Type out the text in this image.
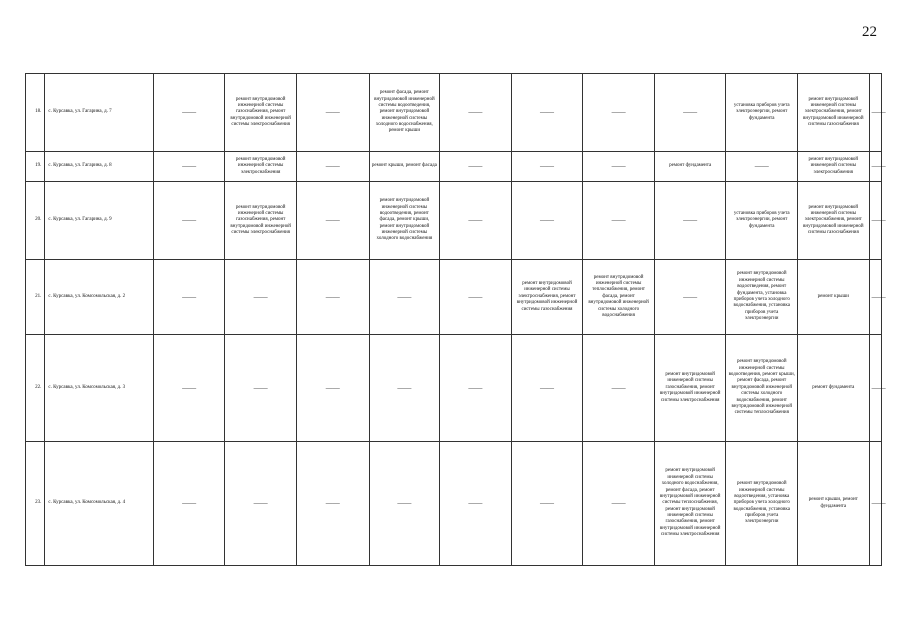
22
18.	с. Курсавка, ул. Гагарина, д. 7	——	ремонт внутридомовой инженерной системы газоснабжения, ремонт внутридомовой инженерной системы электроснабжения	——	ремонт фасада, ремонт внутридомовой инженерной системы водоотведения, ремонт внутридомовой инженерной системы холодного водоснабжения, ремонт крыши	——	——	——	——	установка приборов учета электроэнергии, ремонт фундамента	ремонт внутридомовой инженерной системы электроснабжения, ремонт внутридомовой инженерной системы газоснабжения	——
19.	с. Курсавка, ул. Гагарина, д. 8	——	ремонт внутридомовой инженерной системы электроснабжения	——	ремонт крыши, ремонт фасада	——	——	——	ремонт фундамента	——	ремонт внутридомовой инженерной системы электроснабжения	——
20.	с. Курсавка, ул. Гагарина, д. 9	——	ремонт внутридомовой инженерной системы газоснабжения, ремонт внутридомовой инженерной системы электроснабжения	——	ремонт внутридомовой инженерной системы водоотведения, ремонт фасада, ремонт крыши, ремонт внутридомовой инженерной системы холодного водоснабжения	——	——	——	——	установка приборов учета электроэнергии, ремонт фундамента	ремонт внутридомовой инженерной системы электроснабжения, ремонт внутридомовой инженерной системы газоснабжения	——
21.	с. Курсавка, ул. Комсомольская, д. 2	——	——	——	——	——	ремонт внутридомовой инженерной системы электроснабжения, ремонт внутридомовой инженерной системы газоснабжения	ремонт внутридомовой инженерной системы теплоснабжения, ремонт фасада, ремонт внутридомовой инженерной системы холодного водоснабжения	——	ремонт внутридомовой инженерной системы водоотведения, ремонт фундамента, установка приборов учета холодного водоснабжения, установка приборов учета электроэнергии	ремонт крыши	——
22.	с. Курсавка, ул. Комсомольская, д. 3	——	——	——	——	——	——	——	ремонт внутридомовой инженерной системы газоснабжения, ремонт внутридомовой инженерной системы электроснабжения	ремонт внутридомовой инженерной системы водоотведения, ремонт крыши, ремонт фасада, ремонт внутридомовой инженерной системы холодного водоснабжения, ремонт внутридомовой инженерной системы теплоснабжения	ремонт фундамента	——
23.	с. Курсавка, ул. Комсомольская, д. 4	——	——	——	——	——	——	——	ремонт внутридомовой инженерной системы холодного водоснабжения, ремонт фасада, ремонт внутридомовой инженерной системы теплоснабжения, ремонт внутридомовой инженерной системы газоснабжения, ремонт внутридомовой инженерной системы электроснабжения	ремонт внутридомовой инженерной системы водоотведения, установка приборов учета холодного водоснабжения, установка приборов учета электроэнергии	ремонт крыши, ремонт фундамента	——
